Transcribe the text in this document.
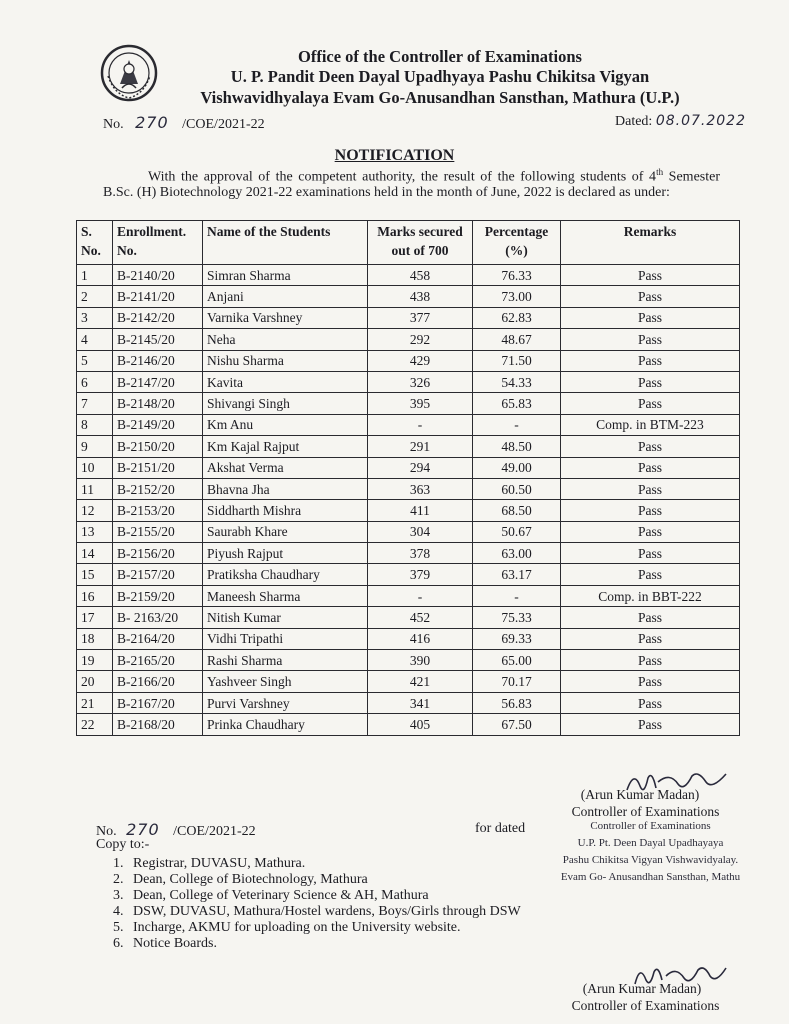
Office of the Controller of Examinations
U. P. Pandit Deen Dayal Upadhyaya Pashu Chikitsa Vigyan
Vishwavidhyalaya Evam Go-Anusandhan Sansthan, Mathura (U.P.)
No. 270 /COE/2021-22	Dated: 08.07.2022
NOTIFICATION

With the approval of the competent authority, the result of the following students of 4th Semester B.Sc. (H) Biotechnology 2021-22 examinations held in the month of June, 2022 is declared as under:

S. No.	Enrollment. No.	Name of the Students	Marks secured out of 700	Percentage (%)	Remarks
1	B-2140/20	Simran Sharma	458	76.33	Pass
2	B-2141/20	Anjani	438	73.00	Pass
3	B-2142/20	Varnika Varshney	377	62.83	Pass
4	B-2145/20	Neha	292	48.67	Pass
5	B-2146/20	Nishu Sharma	429	71.50	Pass
6	B-2147/20	Kavita	326	54.33	Pass
7	B-2148/20	Shivangi Singh	395	65.83	Pass
8	B-2149/20	Km Anu	-	-	Comp. in BTM-223
9	B-2150/20	Km Kajal Rajput	291	48.50	Pass
10	B-2151/20	Akshat Verma	294	49.00	Pass
11	B-2152/20	Bhavna Jha	363	60.50	Pass
12	B-2153/20	Siddharth Mishra	411	68.50	Pass
13	B-2155/20	Saurabh Khare	304	50.67	Pass
14	B-2156/20	Piyush Rajput	378	63.00	Pass
15	B-2157/20	Pratiksha Chaudhary	379	63.17	Pass
16	B-2159/20	Maneesh Sharma	-	-	Comp. in BBT-222
17	B- 2163/20	Nitish Kumar	452	75.33	Pass
18	B-2164/20	Vidhi Tripathi	416	69.33	Pass
19	B-2165/20	Rashi Sharma	390	65.00	Pass
20	B-2166/20	Yashveer Singh	421	70.17	Pass
21	B-2167/20	Purvi Varshney	341	56.83	Pass
22	B-2168/20	Prinka Chaudhary	405	67.50	Pass
(Arun Kumar Madan)
Controller of Examinations
Controller of Examinations
U.P. Pt. Deen Dayal Upadhayaya
Pashu Chikitsa Vigyan Vishwavidyalay.
Evam Go- Anusandhan Sansthan, Mathu
No. 270 /COE/2021-22	for dated
Copy to:-
1. Registrar, DUVASU, Mathura.
2. Dean, College of Biotechnology, Mathura
3. Dean, College of Veterinary Science & AH, Mathura
4. DSW, DUVASU, Mathura/Hostel wardens, Boys/Girls through DSW
5. Incharge, AKMU for uploading on the University website.
6. Notice Boards.
(Arun Kumar Madan)
Controller of Examinations
